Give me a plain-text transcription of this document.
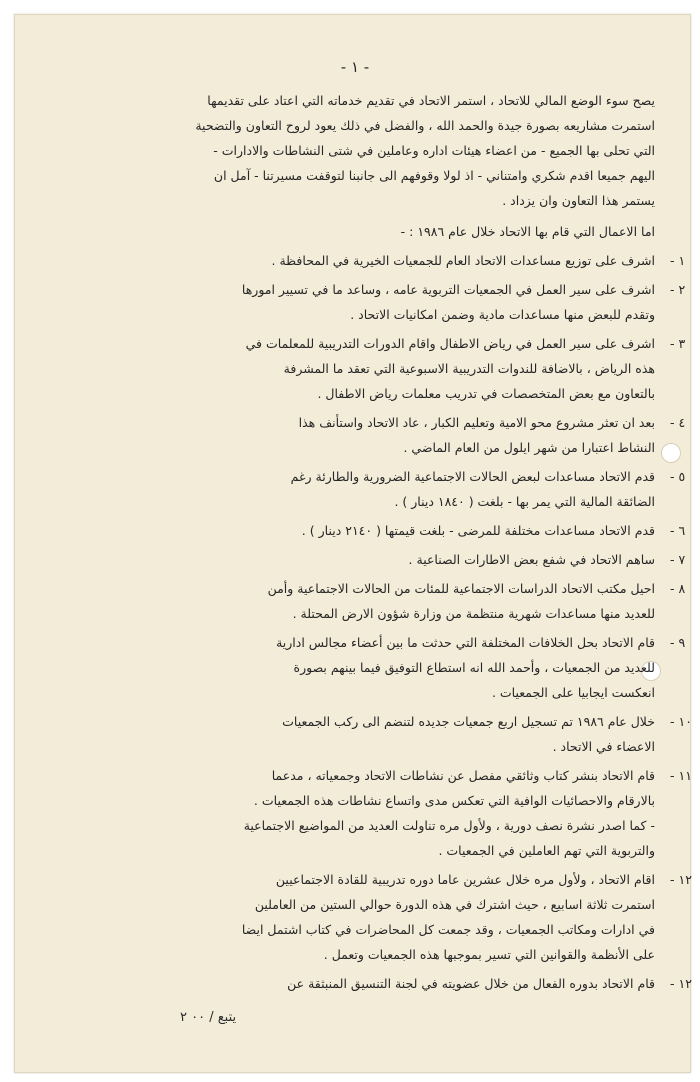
- ١ -

يصح سوء الوضع المالي للاتحاد ، استمر الاتحاد في تقديم خدماته التي اعتاد على تقديمها

استمرت مشاريعه بصورة جيدة والحمد الله ، والفضل في ذلك يعود لروح التعاون والتضحية

التي تحلى بها الجميع - من اعضاء هيئات اداره وعاملين في شتى النشاطات والادارات -

اليهم جميعا اقدم شكري وامتناني - اذ لولا وقوفهم الى جانبنا لتوقفت مسيرتنا - آمل ان

يستمر هذا التعاون وان يزداد .

اما الاعمال التي قام بها الاتحاد خلال عام ١٩٨٦ : -

١ -
اشرف على توزيع مساعدات الاتحاد العام للجمعيات الخيرية في المحافظة .
٢ -
اشرف على سير العمل في الجمعيات التربوية عامه ، وساعد ما في تسيير امورها
وتقدم للبعض منها مساعدات مادية وضمن امكانيات الاتحاد .
٣ -
اشرف على سير العمل في رياض الاطفال واقام الدورات التدريبية للمعلمات في
هذه الرياض ، بالاضافة للندوات التدريبية الاسبوعية التي تعقد ما المشرفة
بالتعاون مع بعض المتخصصات في تدريب معلمات رياض الاطفال .
٤ -
بعد ان تعثر مشروع محو الامية وتعليم الكبار ، عاد الاتحاد واستأنف هذا
النشاط اعتبارا من شهر ايلول من العام الماضي .
٥ -
قدم الاتحاد مساعدات لبعض الحالات الاجتماعية الضرورية والطارئة رغم
الضائقة المالية التي يمر بها - بلغت ( ١٨٤٠ دينار ) .
٦ -
قدم الاتحاد مساعدات مختلفة للمرضى - بلغت قيمتها ( ٢١٤٠ دينار ) .
٧ -
ساهم الاتحاد في شفع بعض الاطارات الصناعية .
٨ -
احيل مكتب الاتحاد الدراسات الاجتماعية للمئات من الحالات الاجتماعية وأمن
للعديد منها مساعدات شهرية منتظمة من وزارة شؤون الارض المحتلة .
٩ -
قام الاتحاد بحل الخلافات المختلفة التي حدثت ما بين أعضاء مجالس ادارية
للعديد من الجمعيات ، وأحمد الله انه استطاع التوفيق فيما بينهم بصورة
انعكست ايجابيا على الجمعيات .
١٠ -
خلال عام ١٩٨٦ تم تسجيل اربع جمعيات جديده لتنضم الى ركب الجمعيات
الاعضاء في الاتحاد .
١١ -
قام الاتحاد بنشر كتاب وثائقي مفصل عن نشاطات الاتحاد وجمعياته ، مدعما
بالارقام والاحصائيات الوافية التي تعكس مدى واتساع نشاطات هذه الجمعيات .
- كما اصدر نشرة نصف دورية ، ولأول مره تناولت العديد من المواضيع الاجتماعية
والتربوية التي تهم العاملين في الجمعيات .
١٢ -
اقام الاتحاد ، ولأول مره خلال عشرين عاما دوره تدريبية للقادة الاجتماعيين
استمرت ثلاثة اسابيع ، حيث اشترك في هذه الدورة حوالي الستين من العاملين
في ادارات ومكاتب الجمعيات ، وقد جمعت كل المحاضرات في كتاب اشتمل ايضا
على الأنظمة والقوانين التي تسير بموجبها هذه الجمعيات وتعمل .
١٢ -
قام الاتحاد بدوره الفعال من خلال عضويته في لجنة التنسيق المنبثقة عن
يتبع / ٠٠ ٢
